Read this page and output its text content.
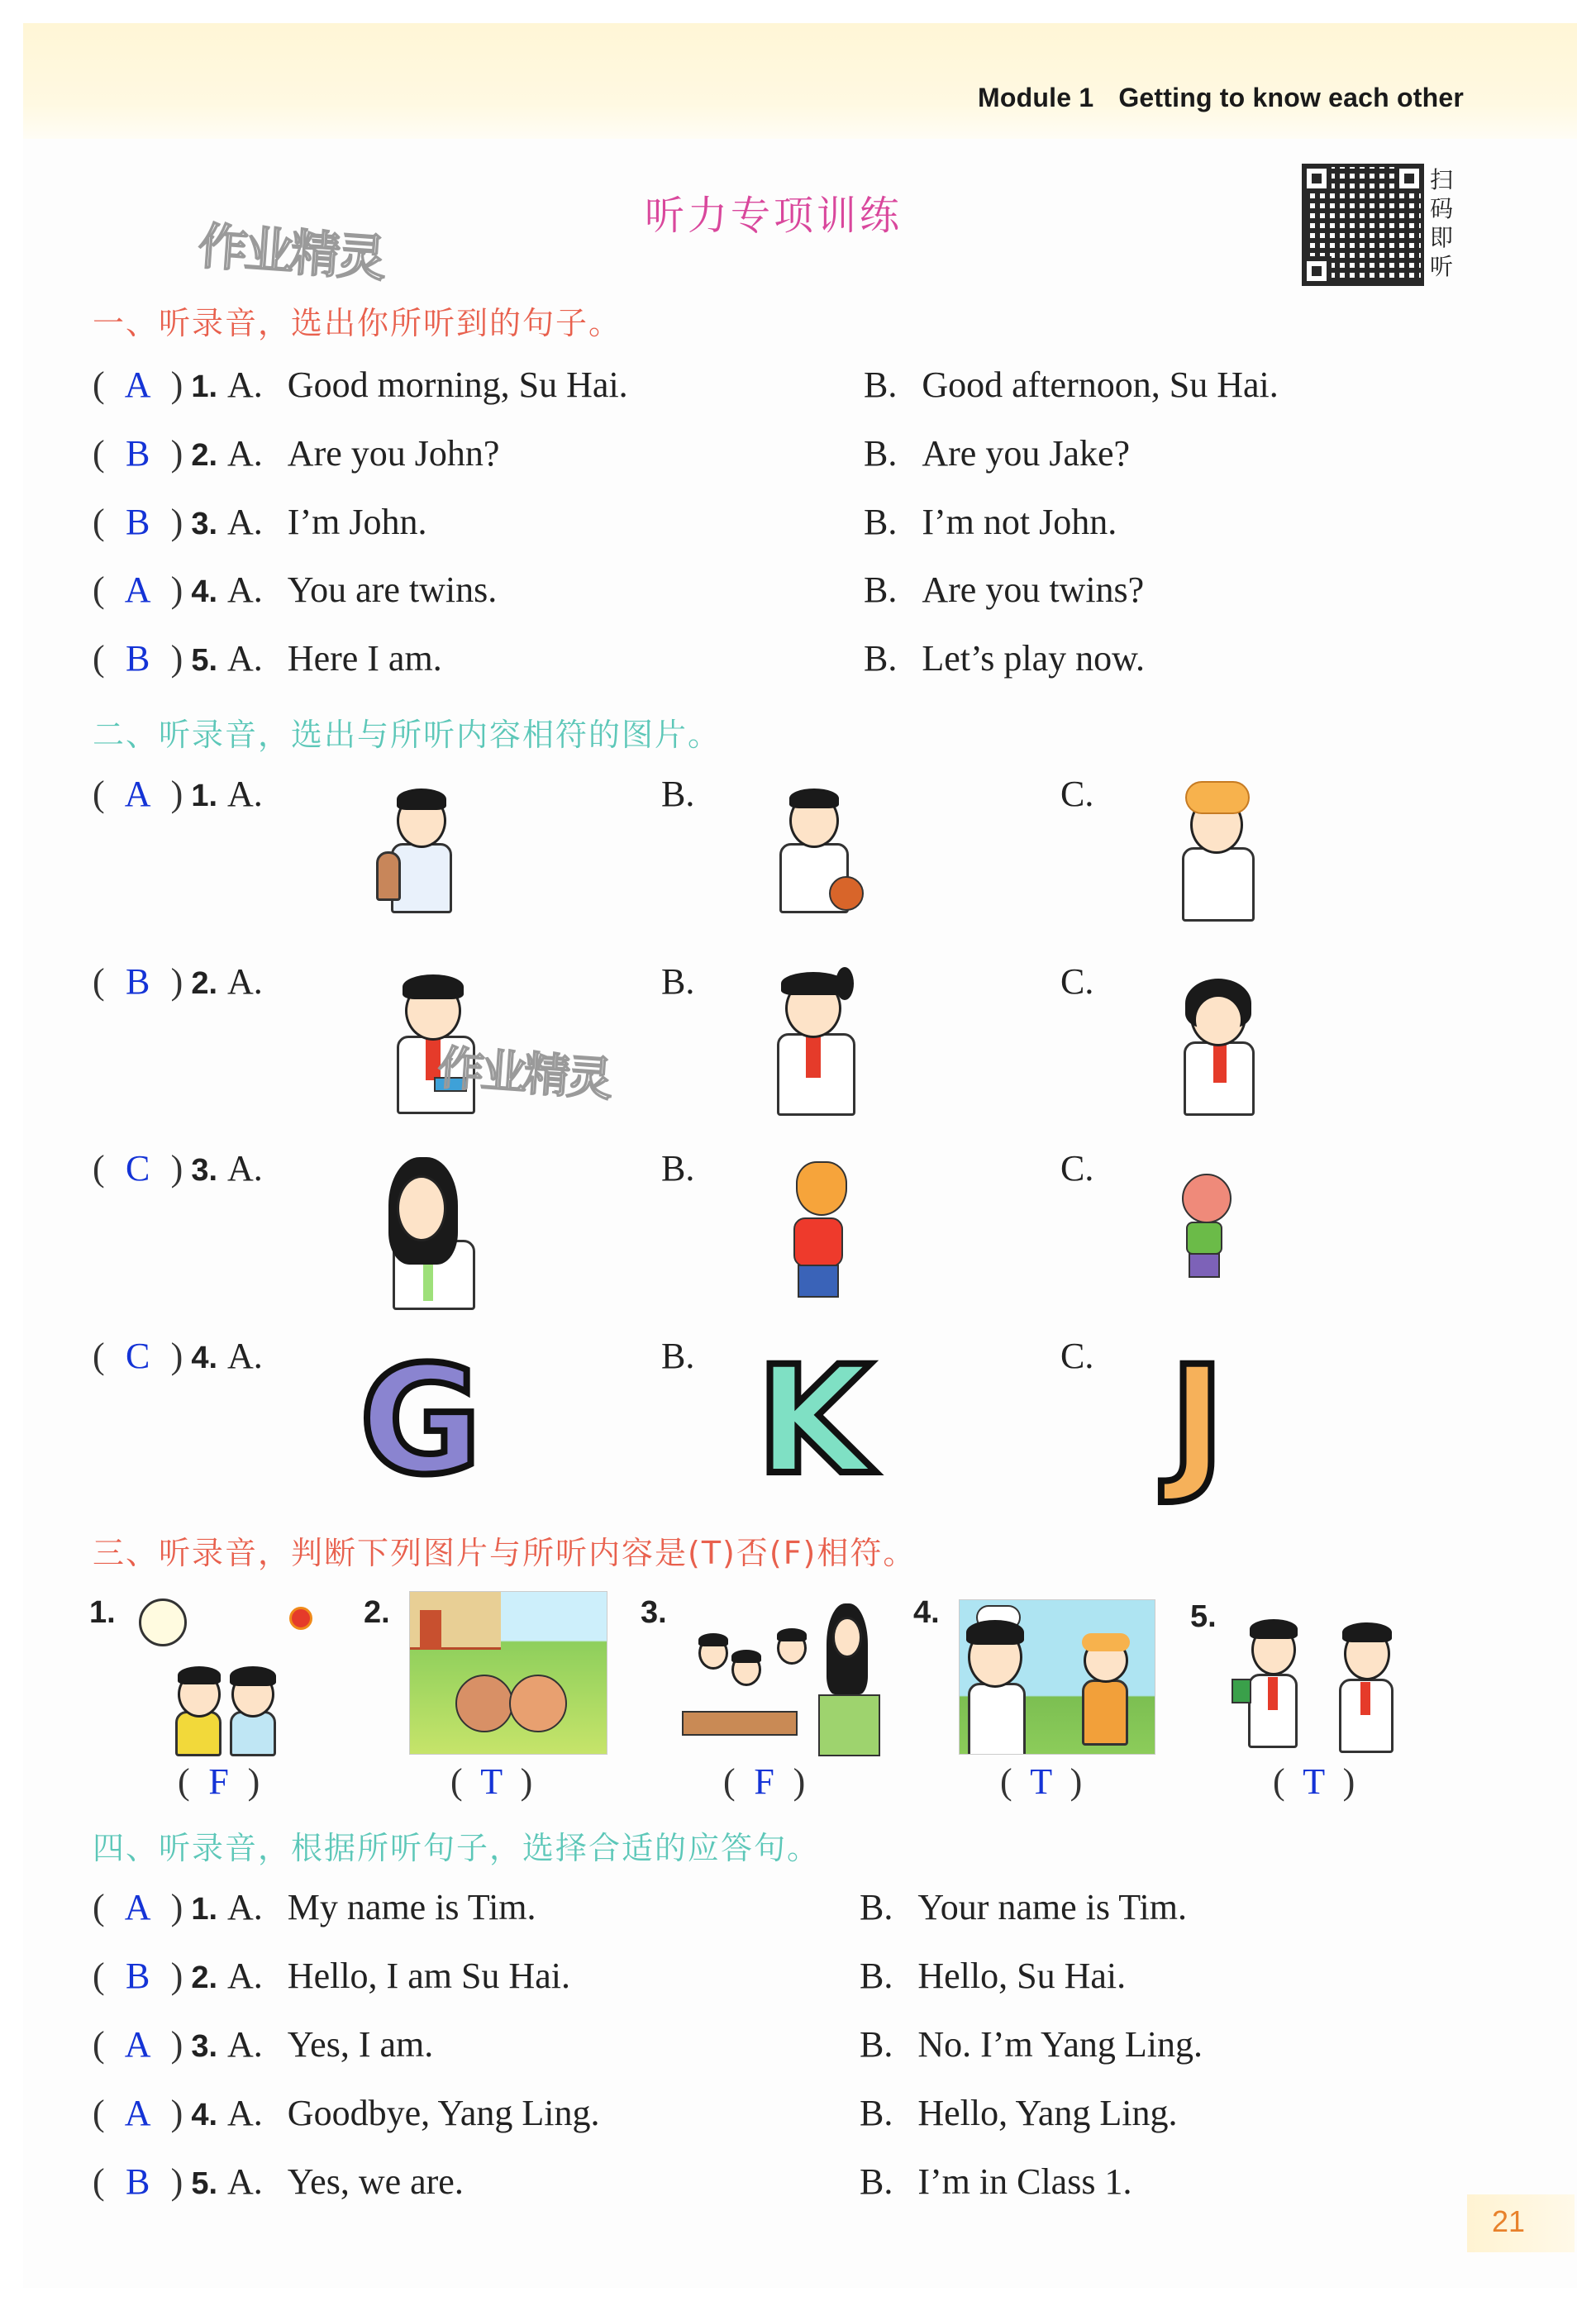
Module 1 Getting to know each other
作业精灵
听力专项训练
扫
码
即
听
一、听录音，选出你所听到的句子。
( A ) 1. A. Good morning, Su Hai.	B. Good afternoon, Su Hai.
( B ) 2. A. Are you John?	B. Are you Jake?
( B ) 3. A. I’m John.	B. I’m not John.
( A ) 4. A. You are twins.	B. Are you twins?
( B ) 5. A. Here I am.	B. Let’s play now.
二、听录音，选出与所听内容相符的图片。
( A ) 1. A.	B.	C.
( B ) 2. A.	B.	C.
作业精灵
( C ) 3. A.	B.	C.
( C ) 4. A.	B.	C.
G K J
三、听录音，判断下列图片与所听内容是(T)否(F)相符。
1.
( F )
2.
( T )
3.
( F )
4.
( T )
5.
( T )
四、听录音，根据所听句子，选择合适的应答句。
( A ) 1. A. My name is Tim.	B. Your name is Tim.
( B ) 2. A. Hello, I am Su Hai.	B. Hello, Su Hai.
( A ) 3. A. Yes, I am.	B. No. I’m Yang Ling.
( A ) 4. A. Goodbye, Yang Ling.	B. Hello, Yang Ling.
( B ) 5. A. Yes, we are.	B. I’m in Class 1.
21
